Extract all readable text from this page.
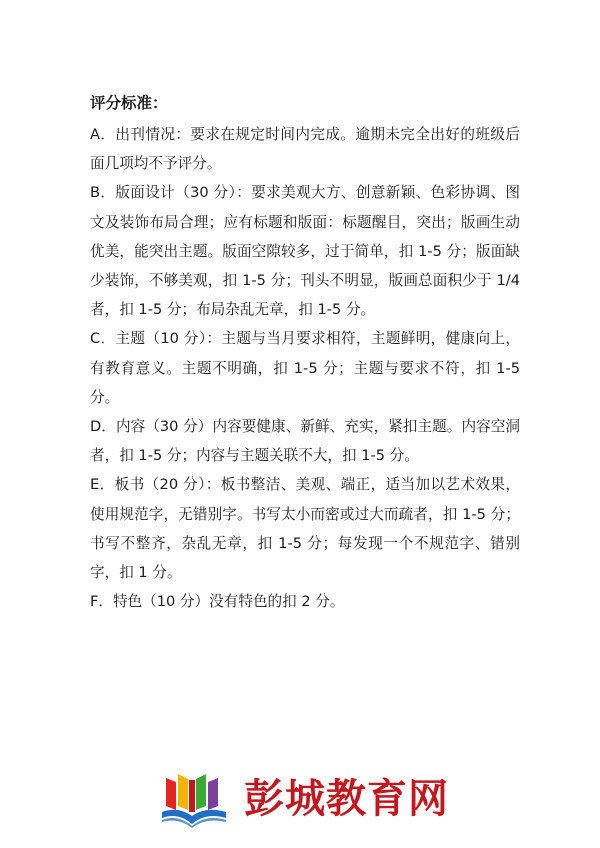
评分标准：

A．出刊情况：要求在规定时间内完成。逾期未完全出好的班级后面几项均不予评分。

B．版面设计（30 分）：要求美观大方、创意新颖、色彩协调、图文及装饰布局合理；应有标题和版面：标题醒目，突出；版画生动优美，能突出主题。版面空隙较多，过于简单，扣 1-5 分；版面缺少装饰，不够美观，扣 1-5 分；刊头不明显，版画总面积少于 1/4 者，扣 1-5 分；布局杂乱无章，扣 1-5 分。

C．主题（10 分）：主题与当月要求相符，主题鲜明，健康向上，有教育意义。主题不明确，扣 1-5 分；主题与要求不符，扣 1-5 分。

D．内容（30 分）内容要健康、新鲜、充实，紧扣主题。内容空洞者，扣 1-5 分；内容与主题关联不大，扣 1-5 分。

E．板书（20 分）：板书整洁、美观、端正，适当加以艺术效果，使用规范字，无错别字。书写太小而密或过大而疏者，扣 1-5 分；书写不整齐，杂乱无章，扣 1-5 分；每发现一个不规范字、错别字，扣 1 分。

F．特色（10 分）没有特色的扣 2 分。

彭城教育网
